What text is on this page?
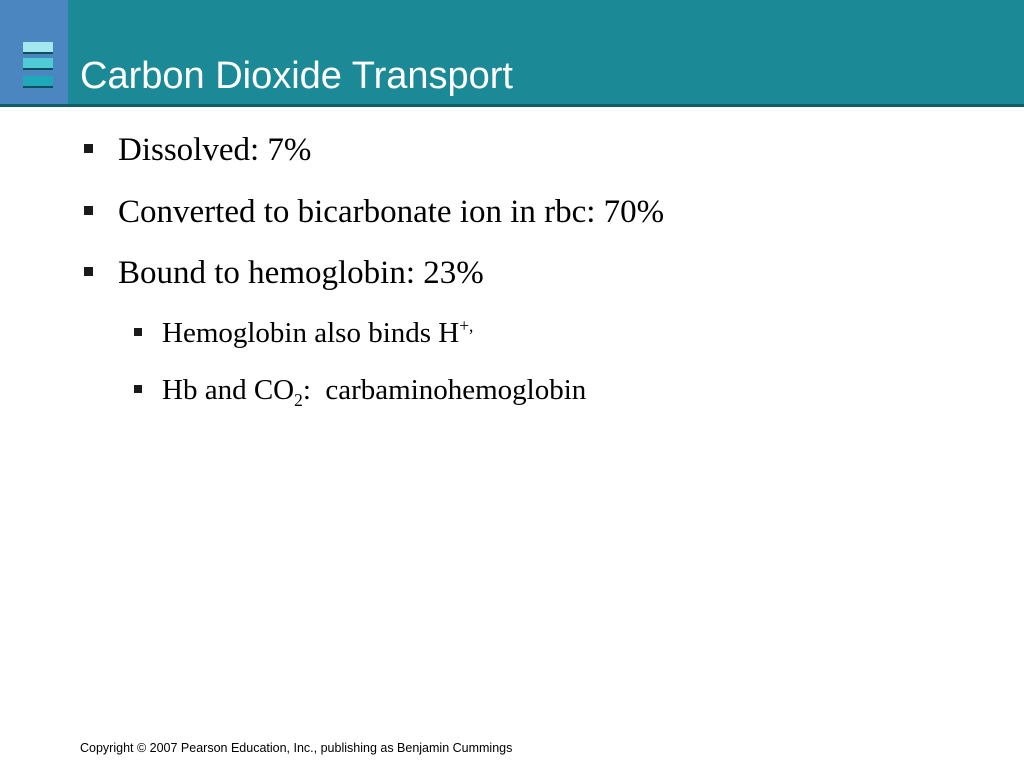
Carbon Dioxide Transport
Dissolved: 7%
Converted to bicarbonate ion in rbc: 70%
Bound to hemoglobin: 23%
Hemoglobin also binds H+,
Hb and $CO_2$:  carbaminohemoglobin
Copyright © 2007 Pearson Education, Inc., publishing as Benjamin Cummings
